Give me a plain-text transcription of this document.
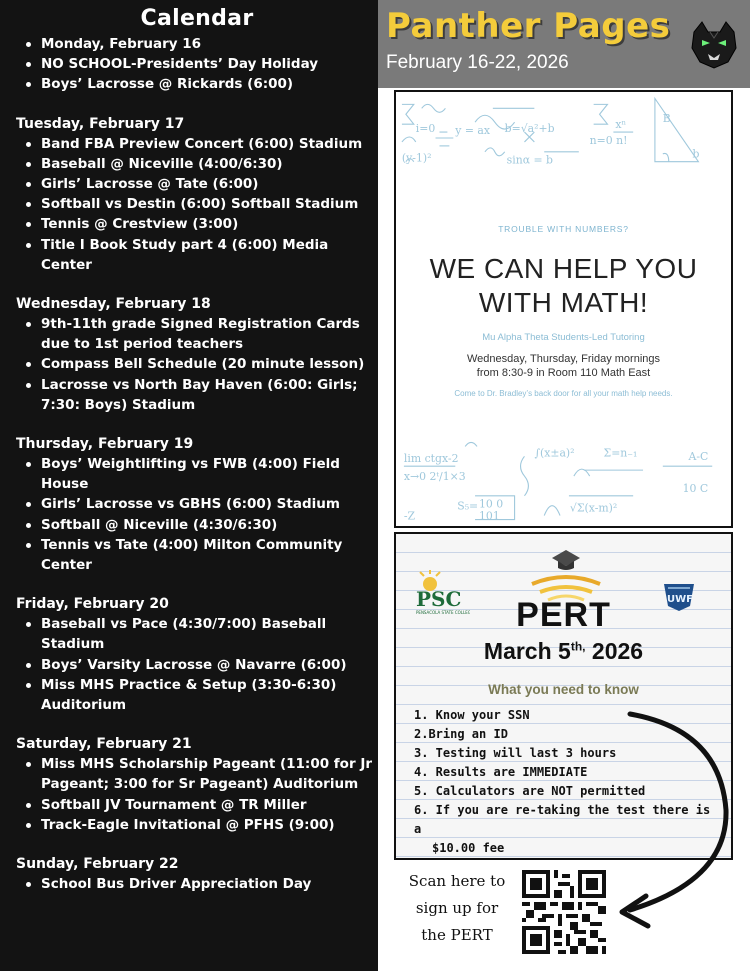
Calendar
Monday, February 16
NO SCHOOL-Presidents’ Day Holiday
Boys’ Lacrosse @ Rickards (6:00)
Tuesday, February 17
Band FBA Preview Concert (6:00) Stadium
Baseball @ Niceville (4:00/6:30)
Girls’ Lacrosse @ Tate (6:00)
Softball vs Destin (6:00) Softball Stadium
Tennis @ Crestview (3:00)
Title I Book Study part 4 (6:00) Media Center
Wednesday, February 18
9th-11th grade Signed Registration Cards due to 1st period teachers
Compass Bell Schedule (20 minute lesson)
Lacrosse vs North Bay Haven (6:00: Girls; 7:30: Boys) Stadium
Thursday, February 19
Boys’ Weightlifting vs FWB (4:00) Field House
Girls’ Lacrosse vs GBHS (6:00) Stadium
Softball @ Niceville (4:30/6:30)
Tennis vs Tate (4:00) Milton Community Center
Friday, February 20
Baseball vs Pace (4:30/7:00) Baseball Stadium
Boys’ Varsity Lacrosse @ Navarre (6:00)
Miss MHS Practice & Setup (3:30-6:30) Auditorium
Saturday, February 21
Miss MHS Scholarship Pageant (11:00 for Jr Pageant; 3:00 for Sr Pageant) Auditorium
Softball JV Tournament @ TR Miller
Track-Eagle Invitational @ PFHS (9:00)
Sunday, February 22
School Bus Driver Appreciation Day
Panther Pages
February 16-22, 2026
i=0 y = ax b=√a²+b
(y-1)²	sinα = b
n=0 n!
xⁿ	B
b
TROUBLE WITH NUMBERS?
WE CAN HELP YOU
WITH MATH!
Mu Alpha Theta Students-Led Tutoring
Wednesday, Thursday, Friday mornings
from 8:30-9 in Room 110 Math East
Come to Dr. Bradley’s back door for all your math help needs.
lim ctgx-2
x→0 2ᵗ/1×3
∫(x±a)²	Σ=n₋₁	A-C
S₅= 10 0
101
√Σ(x-m)²
10 C
-Z
PSC
PENSACOLA STATE COLLEGE
UWF
PERT
March $5^{th,}$ 2026
What you need to know
1. Know your SSN
2.Bring an ID
3. Testing will last 3 hours
4. Results are IMMEDIATE
5. Calculators are NOT permitted
6. If you are re-taking the test there is a
$10.00 fee
Scan here to
sign up for
the PERT
